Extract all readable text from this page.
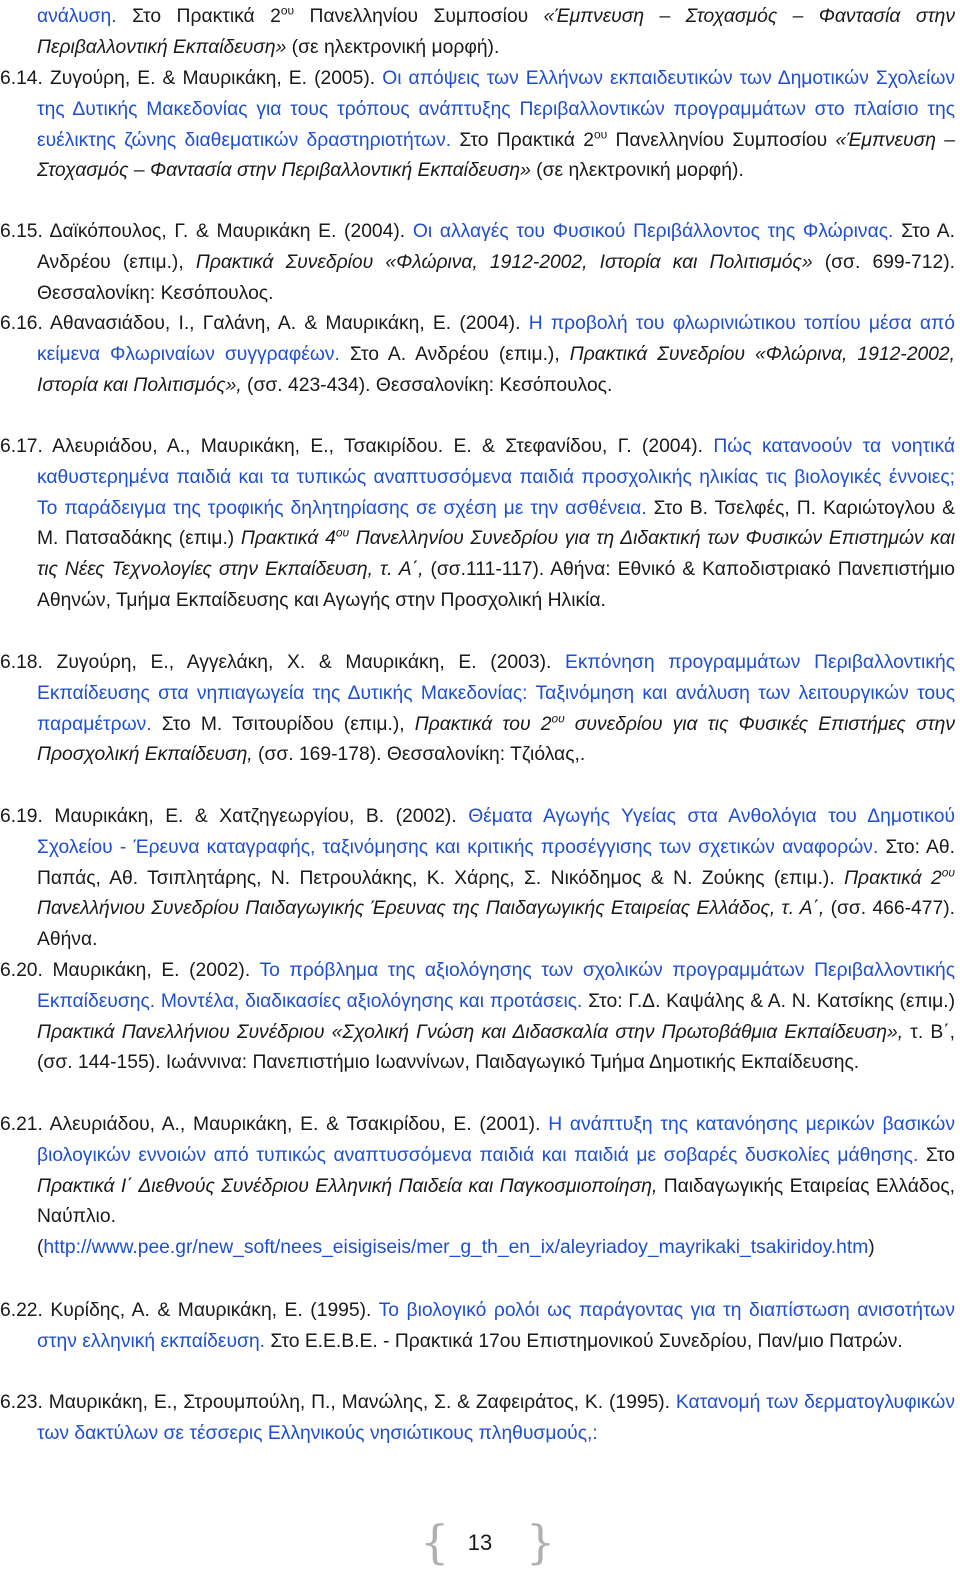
ανάλυση. Στο Πρακτικά $2^{o\upsilon}$ Πανελληνίου Συμποσίου «Έμπνευση – Στοχασμός – Φαντασία στην Περιβαλλοντική Εκπαίδευση» (σε ηλεκτρονική μορφή).
6.14. Ζυγούρη, Ε. & Μαυρικάκη, Ε. (2005). Οι απόψεις των Ελλήνων εκπαιδευτικών των Δημοτικών Σχολείων της Δυτικής Μακεδονίας για τους τρόπους ανάπτυξης Περιβαλλοντικών προγραμμάτων στο πλαίσιο της ευέλικτης ζώνης διαθεματικών δραστηριοτήτων. Στο Πρακτικά $2^{o\upsilon}$ Πανελληνίου Συμποσίου «Έμπνευση – Στοχασμός – Φαντασία στην Περιβαλλοντική Εκπαίδευση» (σε ηλεκτρονική μορφή).
6.15. Δαϊκόπουλος, Γ. & Μαυρικάκη Ε. (2004). Οι αλλαγές του Φυσικού Περιβάλλοντος της Φλώρινας. Στο Α. Ανδρέου (επιμ.), Πρακτικά Συνεδρίου «Φλώρινα, 1912-2002, Ιστορία και Πολιτισμός» (σσ. 699-712). Θεσσαλονίκη: Κεσόπουλος.
6.16. Αθανασιάδου, Ι., Γαλάνη, Α. & Μαυρικάκη, Ε. (2004). Η προβολή του φλωρινιώτικου τοπίου μέσα από κείμενα Φλωριναίων συγγραφέων. Στο Α. Ανδρέου (επιμ.), Πρακτικά Συνεδρίου «Φλώρινα, 1912-2002, Ιστορία και Πολιτισμός», (σσ. 423-434). Θεσσαλονίκη: Κεσόπουλος.
6.17. Αλευριάδου, Α., Μαυρικάκη, Ε., Τσακιρίδου. Ε. & Στεφανίδου, Γ. (2004). Πώς κατανοούν τα νοητικά καθυστερημένα παιδιά και τα τυπικώς αναπτυσσόμενα παιδιά προσχολικής ηλικίας τις βιολογικές έννοιες; Το παράδειγμα της τροφικής δηλητηρίασης σε σχέση με την ασθένεια. Στο Β. Τσελφές, Π. Καριώτογλου & Μ. Πατσαδάκης (επιμ.) Πρακτικά $4^{o\upsilon}$ Πανελληνίου Συνεδρίου για τη Διδακτική των Φυσικών Επιστημών και τις Νέες Τεχνολογίες στην Εκπαίδευση, τ. Α΄, (σσ.111-117). Αθήνα: Εθνικό & Καποδιστριακό Πανεπιστήμιο Αθηνών, Τμήμα Εκπαίδευσης και Αγωγής στην Προσχολική Ηλικία.
6.18. Ζυγούρη, Ε., Αγγελάκη, Χ. & Μαυρικάκη, Ε. (2003). Εκπόνηση προγραμμάτων Περιβαλλοντικής Εκπαίδευσης στα νηπιαγωγεία της Δυτικής Μακεδονίας: Ταξινόμηση και ανάλυση των λειτουργικών τους παραμέτρων. Στο Μ. Τσιτουρίδου (επιμ.), Πρακτικά του $2^{o\upsilon}$ συνεδρίου για τις Φυσικές Επιστήμες στην Προσχολική Εκπαίδευση, (σσ. 169-178). Θεσσαλονίκη: Τζιόλας,.
6.19. Μαυρικάκη, Ε. & Χατζηγεωργίου, Β. (2002). Θέματα Αγωγής Υγείας στα Ανθολόγια του Δημοτικού Σχολείου - Έρευνα καταγραφής, ταξινόμησης και κριτικής προσέγγισης των σχετικών αναφορών. Στο: Αθ. Παπάς, Αθ. Τσιπλητάρης, Ν. Πετρουλάκης, Κ. Χάρης, Σ. Νικόδημος & Ν. Ζούκης (επιμ.). Πρακτικά $2^{o\upsilon}$ Πανελλήνιου Συνεδρίου Παιδαγωγικής Έρευνας της Παιδαγωγικής Εταιρείας Ελλάδος, τ. Α΄, (σσ. 466-477). Αθήνα.
6.20. Μαυρικάκη, Ε. (2002). Το πρόβλημα της αξιολόγησης των σχολικών προγραμμάτων Περιβαλλοντικής Εκπαίδευσης. Μοντέλα, διαδικασίες αξιολόγησης και προτάσεις. Στο: Γ.Δ. Καψάλης & Α. Ν. Κατσίκης (επιμ.) Πρακτικά Πανελλήνιου Συνέδριου «Σχολική Γνώση και Διδασκαλία στην Πρωτοβάθμια Εκπαίδευση», τ. Β΄, (σσ. 144-155). Ιωάννινα: Πανεπιστήμιο Ιωαννίνων, Παιδαγωγικό Τμήμα Δημοτικής Εκπαίδευσης.
6.21. Αλευριάδου, Α., Μαυρικάκη, Ε. & Τσακιρίδου, Ε. (2001). Η ανάπτυξη της κατανόησης μερικών βασικών βιολογικών εννοιών από τυπικώς αναπτυσσόμενα παιδιά και παιδιά με σοβαρές δυσκολίες μάθησης. Στο Πρακτικά Ι΄ Διεθνούς Συνέδριου Ελληνική Παιδεία και Παγκοσμιοποίηση, Παιδαγωγικής Εταιρείας Ελλάδος, Ναύπλιο. (http://www.pee.gr/new_soft/nees_eisigiseis/mer_g_th_en_ix/aleyriadoy_mayrikaki_tsakiridoy.htm)
6.22. Κυρίδης, Α. & Μαυρικάκη, Ε. (1995). Το βιολογικό ρολόι ως παράγοντας για τη διαπίστωση ανισοτήτων στην ελληνική εκπαίδευση. Στο Ε.Ε.Β.Ε. - Πρακτικά 17ου Επιστημονικού Συνεδρίου, Παν/μιο Πατρών.
6.23. Μαυρικάκη, Ε., Στρουμπούλη, Π., Μανώλης, Σ. & Ζαφειράτος, Κ. (1995). Κατανομή των δερματογλυφικών των δακτύλων σε τέσσερις Ελληνικούς νησιώτικους πληθυσμούς,:
{ 13 }
